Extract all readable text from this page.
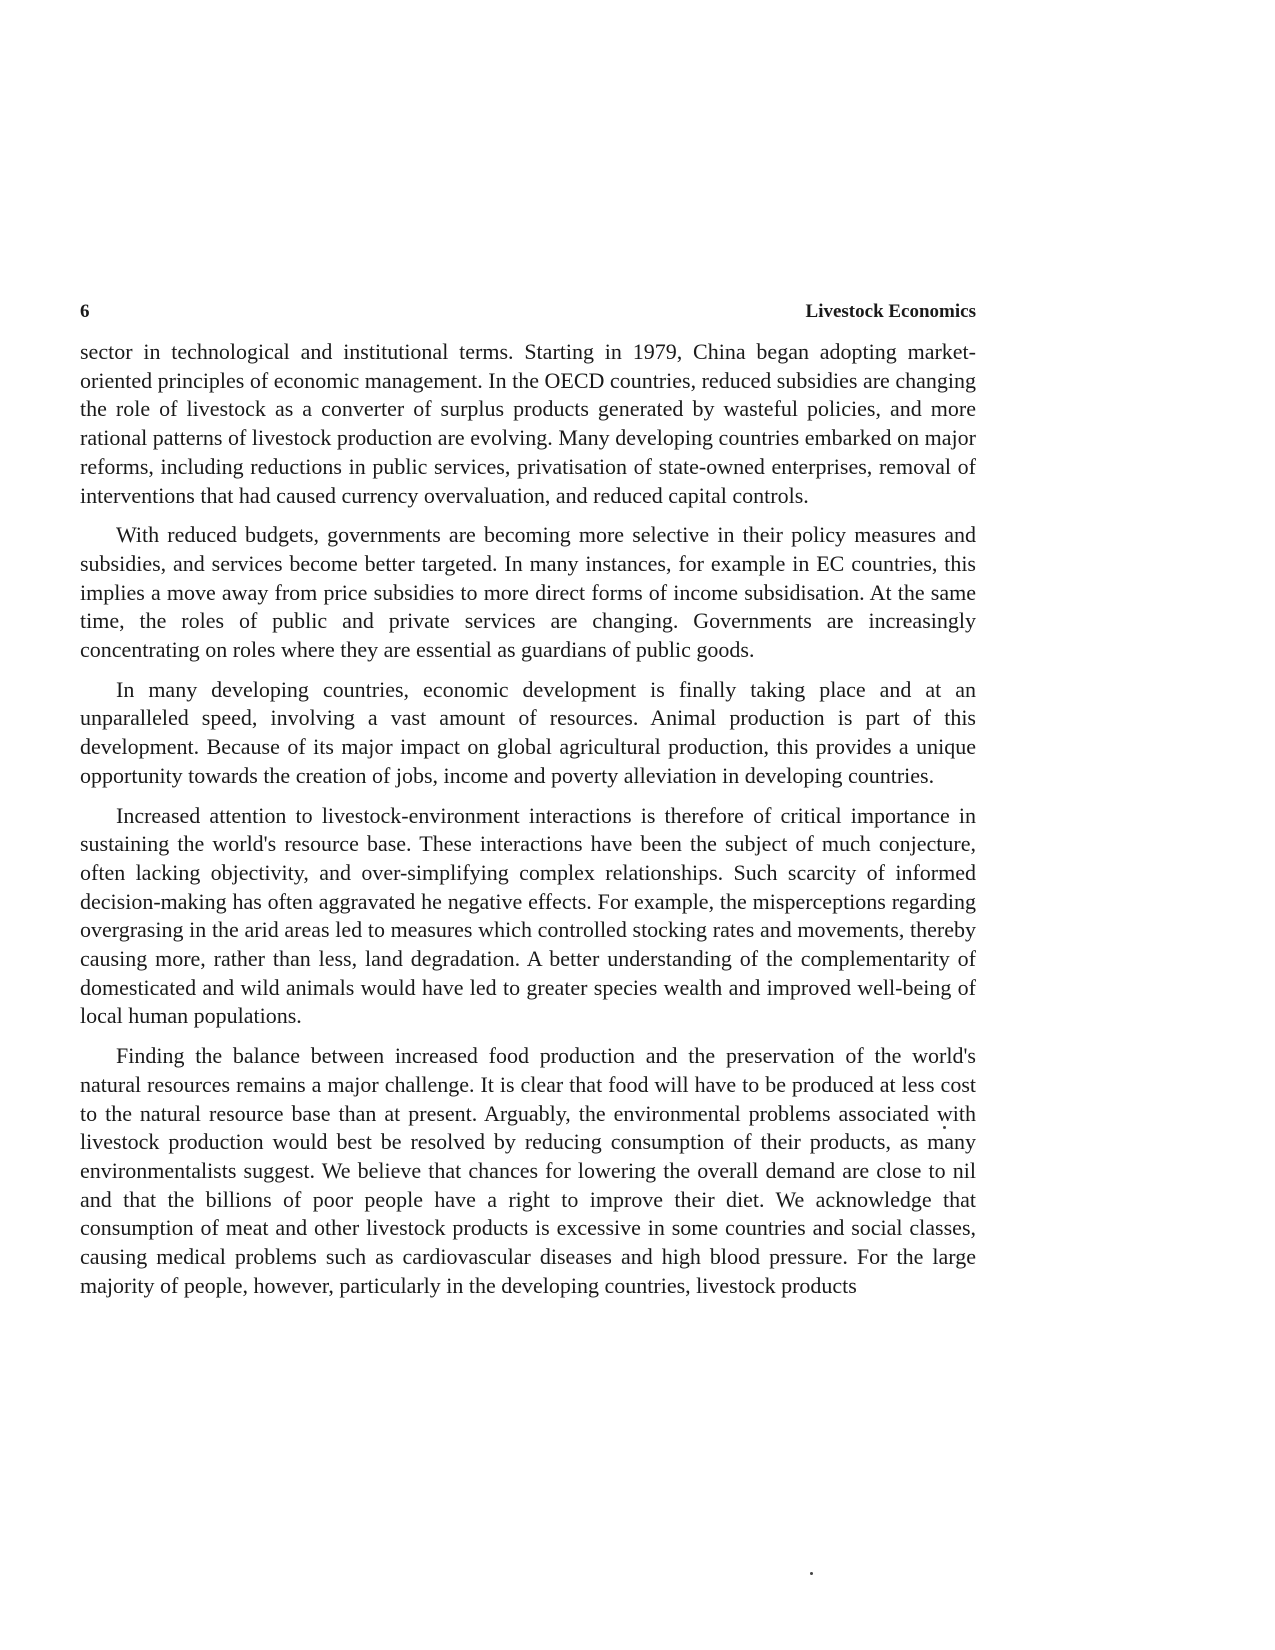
6	Livestock Economics

sector in technological and institutional terms. Starting in 1979, China began adopting market-oriented principles of economic management. In the OECD countries, reduced subsidies are changing the role of livestock as a converter of surplus products generated by wasteful policies, and more rational patterns of livestock production are evolving. Many developing countries embarked on major reforms, including reductions in public services, privatisation of state-owned enterprises, removal of interventions that had caused currency overvaluation, and reduced capital controls.

With reduced budgets, governments are becoming more selective in their policy measures and subsidies, and services become better targeted. In many instances, for example in EC countries, this implies a move away from price subsidies to more direct forms of income subsidisation. At the same time, the roles of public and private services are changing. Governments are increasingly concentrating on roles where they are essential as guardians of public goods.

In many developing countries, economic development is finally taking place and at an unparalleled speed, involving a vast amount of resources. Animal production is part of this development. Because of its major impact on global agricultural production, this provides a unique opportunity towards the creation of jobs, income and poverty alleviation in developing countries.

Increased attention to livestock-environment interactions is therefore of critical importance in sustaining the world's resource base. These interactions have been the subject of much conjecture, often lacking objectivity, and over-simplifying complex relationships. Such scarcity of informed decision-making has often aggravated he negative effects. For example, the misperceptions regarding overgrasing in the arid areas led to measures which controlled stocking rates and movements, thereby causing more, rather than less, land degradation. A better understanding of the complementarity of domesticated and wild animals would have led to greater species wealth and improved well-being of local human populations.

Finding the balance between increased food production and the preservation of the world's natural resources remains a major challenge. It is clear that food will have to be produced at less cost to the natural resource base than at present. Arguably, the environmental problems associated with livestock production would best be resolved by reducing consumption of their products, as many environmentalists suggest. We believe that chances for lowering the overall demand are close to nil and that the billions of poor people have a right to improve their diet. We acknowledge that consumption of meat and other livestock products is excessive in some countries and social classes, causing medical problems such as cardiovascular diseases and high blood pressure. For the large majority of people, however, particularly in the developing countries, livestock products
